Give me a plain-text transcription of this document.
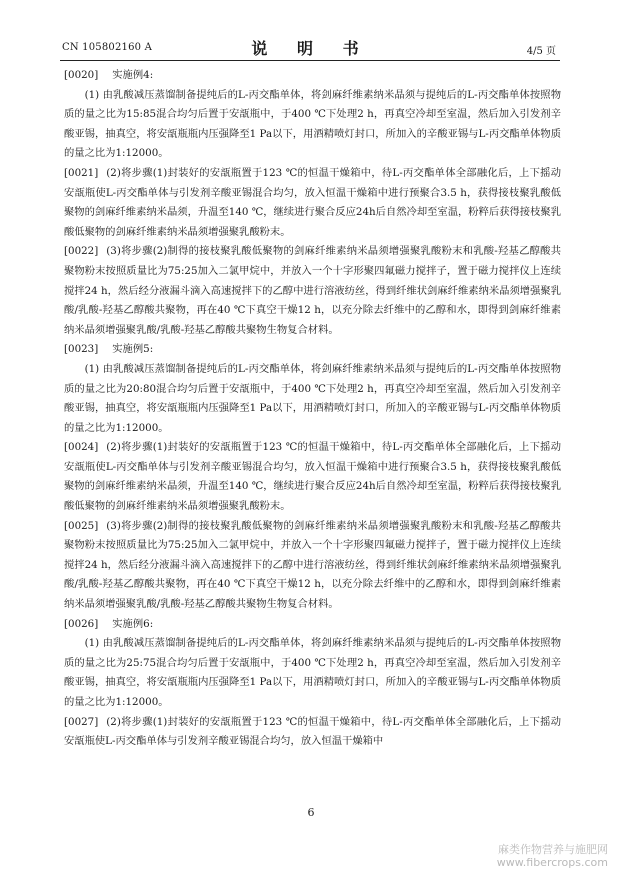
CN 105802160 A	说 明 书	4/5 页

[0020] 实施例4:

(1) 由乳酸减压蒸馏制备提纯后的L-丙交酯单体，将剑麻纤维素纳米晶须与提纯后的L-丙交酯单体按照物质的量之比为15:85混合均匀后置于安瓿瓶中，于400 ℃下处理2 h，再真空冷却至室温，然后加入引发剂辛酸亚锡，抽真空，将安瓿瓶瓶内压强降至1 Pa以下，用酒精喷灯封口，所加入的辛酸亚锡与L-丙交酯单体物质的量之比为1:12000。

[0021] (2)将步骤(1)封装好的安瓿瓶置于123 ℃的恒温干燥箱中，待L-丙交酯单体全部融化后，上下摇动安瓿瓶使L-丙交酯单体与引发剂辛酸亚锡混合均匀，放入恒温干燥箱中进行预聚合3.5 h，获得接枝聚乳酸低聚物的剑麻纤维素纳米晶须，升温至140 ℃，继续进行聚合反应24h后自然冷却至室温，粉粹后获得接枝聚乳酸低聚物的剑麻纤维素纳米晶须增强聚乳酸粉末。

[0022] (3)将步骤(2)制得的接枝聚乳酸低聚物的剑麻纤维素纳米晶须增强聚乳酸粉末和乳酸-羟基乙醇酸共聚物粉末按照质量比为75:25加入二氯甲烷中，并放入一个十字形聚四氟磁力搅拌子，置于磁力搅拌仪上连续搅拌24 h，然后经分液漏斗滴入高速搅拌下的乙醇中进行溶液纺丝，得到纤维状剑麻纤维素纳米晶须增强聚乳酸/乳酸-羟基乙醇酸共聚物，再在40 ℃下真空干燥12 h，以充分除去纤维中的乙醇和水，即得到剑麻纤维素纳米晶须增强聚乳酸/乳酸-羟基乙醇酸共聚物生物复合材料。

[0023] 实施例5:

(1) 由乳酸减压蒸馏制备提纯后的L-丙交酯单体，将剑麻纤维素纳米晶须与提纯后的L-丙交酯单体按照物质的量之比为20:80混合均匀后置于安瓿瓶中，于400 ℃下处理2 h，再真空冷却至室温，然后加入引发剂辛酸亚锡，抽真空，将安瓿瓶瓶内压强降至1 Pa以下，用酒精喷灯封口，所加入的辛酸亚锡与L-丙交酯单体物质的量之比为1:12000。

[0024] (2)将步骤(1)封装好的安瓿瓶置于123 ℃的恒温干燥箱中，待L-丙交酯单体全部融化后，上下摇动安瓿瓶使L-丙交酯单体与引发剂辛酸亚锡混合均匀，放入恒温干燥箱中进行预聚合3.5 h，获得接枝聚乳酸低聚物的剑麻纤维素纳米晶须，升温至140 ℃，继续进行聚合反应24h后自然冷却至室温，粉粹后获得接枝聚乳酸低聚物的剑麻纤维素纳米晶须增强聚乳酸粉末。

[0025] (3)将步骤(2)制得的接枝聚乳酸低聚物的剑麻纤维素纳米晶须增强聚乳酸粉末和乳酸-羟基乙醇酸共聚物粉末按照质量比为75:25加入二氯甲烷中，并放入一个十字形聚四氟磁力搅拌子，置于磁力搅拌仪上连续搅拌24 h，然后经分液漏斗滴入高速搅拌下的乙醇中进行溶液纺丝，得到纤维状剑麻纤维素纳米晶须增强聚乳酸/乳酸-羟基乙醇酸共聚物，再在40 ℃下真空干燥12 h，以充分除去纤维中的乙醇和水，即得到剑麻纤维素纳米晶须增强聚乳酸/乳酸-羟基乙醇酸共聚物生物复合材料。

[0026] 实施例6:

(1) 由乳酸减压蒸馏制备提纯后的L-丙交酯单体，将剑麻纤维素纳米晶须与提纯后的L-丙交酯单体按照物质的量之比为25:75混合均匀后置于安瓿瓶中，于400 ℃下处理2 h，再真空冷却至室温，然后加入引发剂辛酸亚锡，抽真空，将安瓿瓶瓶内压强降至1 Pa以下，用酒精喷灯封口，所加入的辛酸亚锡与L-丙交酯单体物质的量之比为1:12000。

[0027] (2)将步骤(1)封装好的安瓿瓶置于123 ℃的恒温干燥箱中，待L-丙交酯单体全部融化后，上下摇动安瓿瓶使L-丙交酯单体与引发剂辛酸亚锡混合均匀，放入恒温干燥箱中

6
麻类作物营养与施肥网
www.fibercrops.com
